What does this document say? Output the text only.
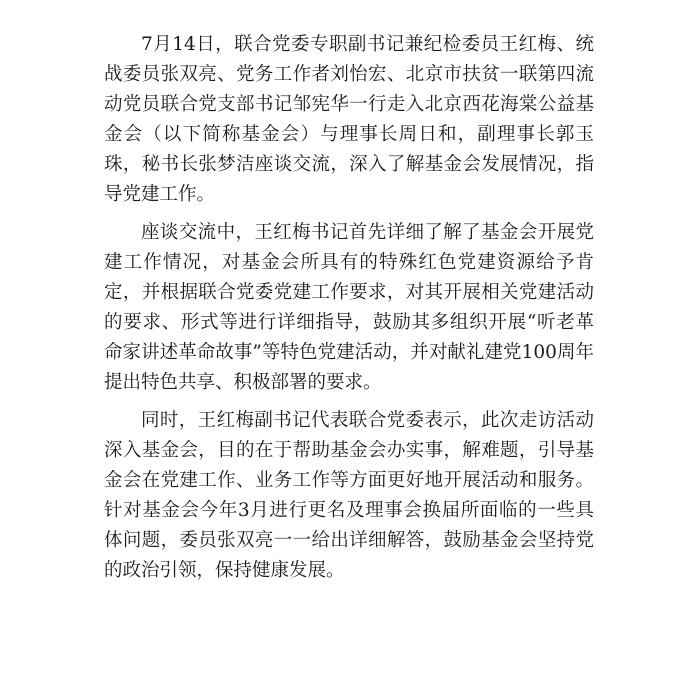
7月14日，联合党委专职副书记兼纪检委员王红梅、统战委员张双亮、党务工作者刘怡宏、北京市扶贫一联第四流动党员联合党支部书记邹宪华一行走入北京西花海棠公益基金会（以下简称基金会）与理事长周日和，副理事长郭玉珠，秘书长张梦洁座谈交流，深入了解基金会发展情况，指导党建工作。

座谈交流中，王红梅书记首先详细了解了基金会开展党建工作情况，对基金会所具有的特殊红色党建资源给予肯定，并根据联合党委党建工作要求，对其开展相关党建活动的要求、形式等进行详细指导，鼓励其多组织开展“听老革命家讲述革命故事”等特色党建活动，并对献礼建党100周年提出特色共享、积极部署的要求。

同时，王红梅副书记代表联合党委表示，此次走访活动深入基金会，目的在于帮助基金会办实事，解难题，引导基金会在党建工作、业务工作等方面更好地开展活动和服务。针对基金会今年3月进行更名及理事会换届所面临的一些具体问题，委员张双亮一一给出详细解答，鼓励基金会坚持党的政治引领，保持健康发展。
